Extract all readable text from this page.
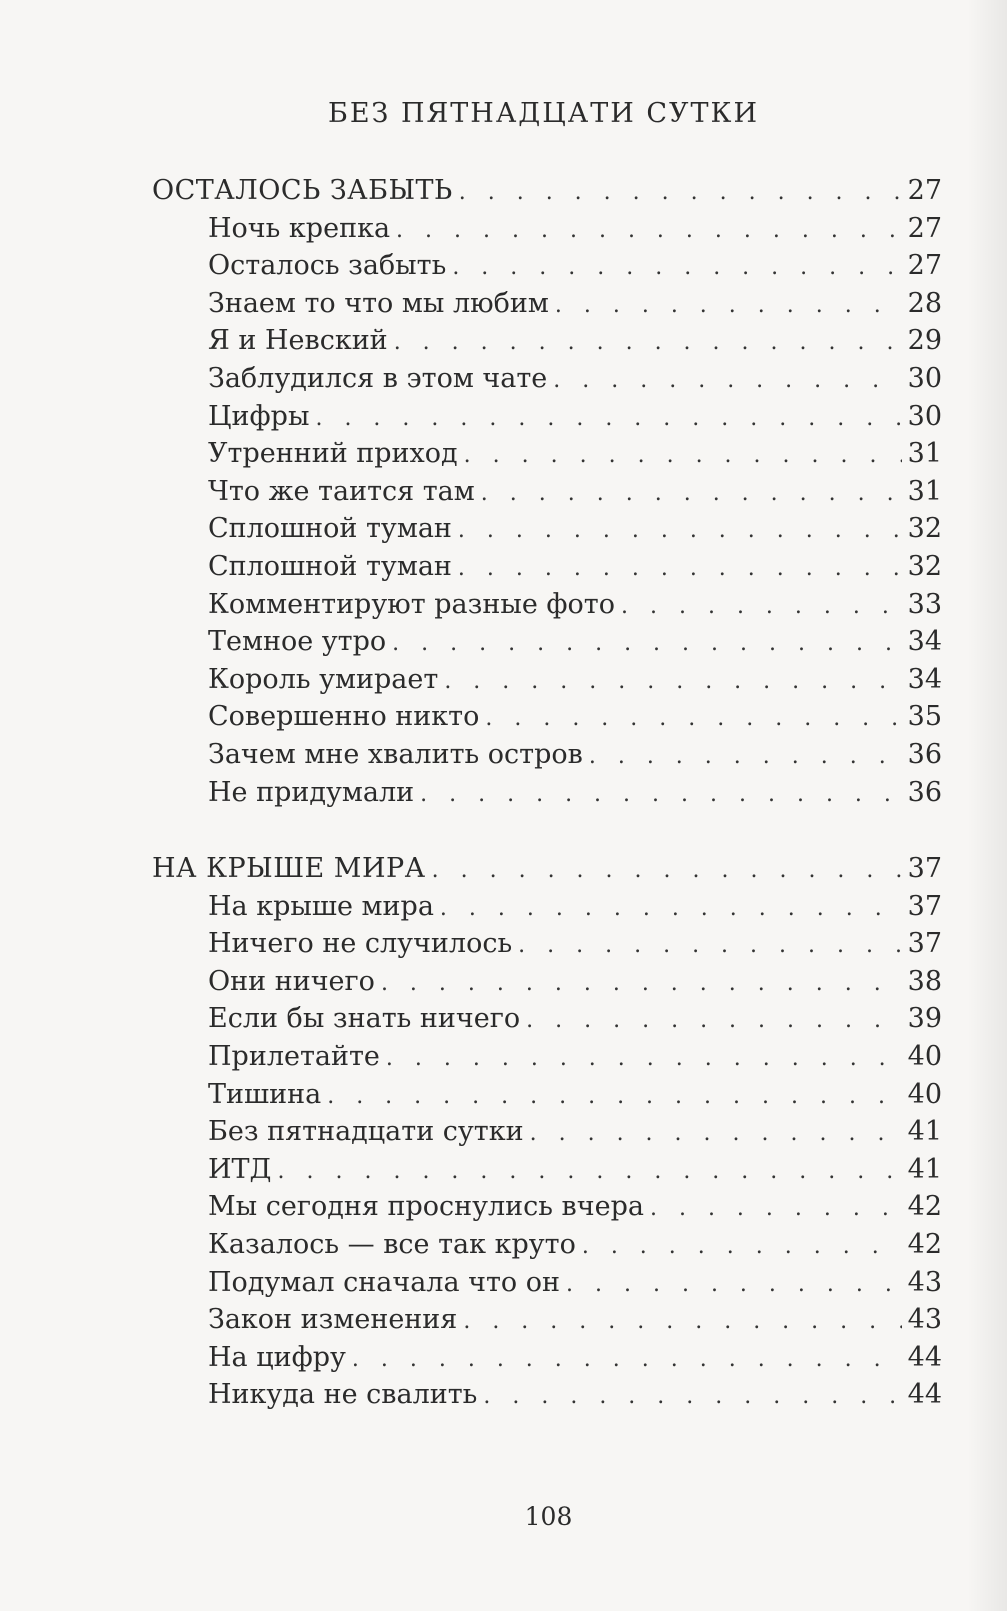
БЕЗ ПЯТНАДЦАТИ СУТКИ
ОСТАЛОСЬ ЗАБЫТЬ . . .	27
Ночь крепка . . .	27
Осталось забыть . . .	27
Знаем то что мы любим . . .	28
Я и Невский . . .	29
Заблудился в этом чате . . .	30
Цифры . . .	30
Утренний приход . . .	31
Что же таится там . . .	31
Сплошной туман . . .	32
Сплошной туман . . .	32
Комментируют разные фото . . .	33
Темное утро . . .	34
Король умирает . . .	34
Совершенно никто . . .	35
Зачем мне хвалить остров . . .	36
Не придумали . . .	36
НА КРЫШЕ МИРА . . .	37
На крыше мира . . .	37
Ничего не случилось . . .	37
Они ничего . . .	38
Если бы знать ничего . . .	39
Прилетайте . . .	40
Тишина . . .	40
Без пятнадцати сутки . . .	41
ИТД . . .	41
Мы сегодня проснулись вчера . . .	42
Казалось — все так круто . . .	42
Подумал сначала что он . . .	43
Закон изменения . . .	43
На цифру . . .	44
Никуда не свалить . . .	44
108
